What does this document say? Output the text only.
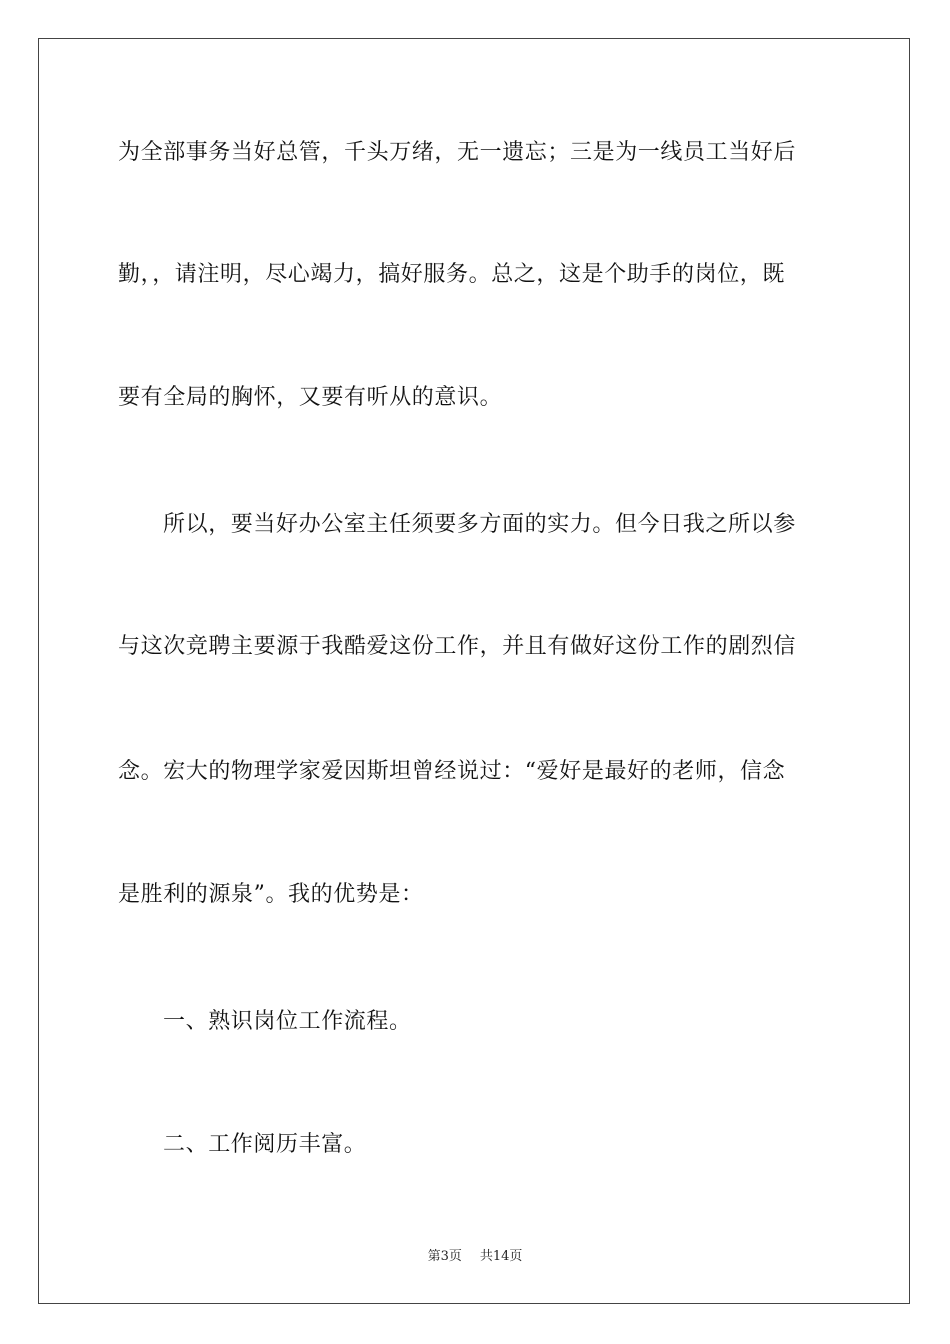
为全部事务当好总管，千头万绪，无一遗忘；三是为一线员工当好后
勤，，请注明，尽心竭力，搞好服务。总之，这是个助手的岗位，既
要有全局的胸怀，又要有听从的意识。
所以，要当好办公室主任须要多方面的实力。但今日我之所以参
与这次竞聘主要源于我酷爱这份工作，并且有做好这份工作的剧烈信
念。宏大的物理学家爱因斯坦曾经说过：“爱好是最好的老师，信念
是胜利的源泉”。我的优势是：
一、熟识岗位工作流程。
二、工作阅历丰富。
第3页 共14页
